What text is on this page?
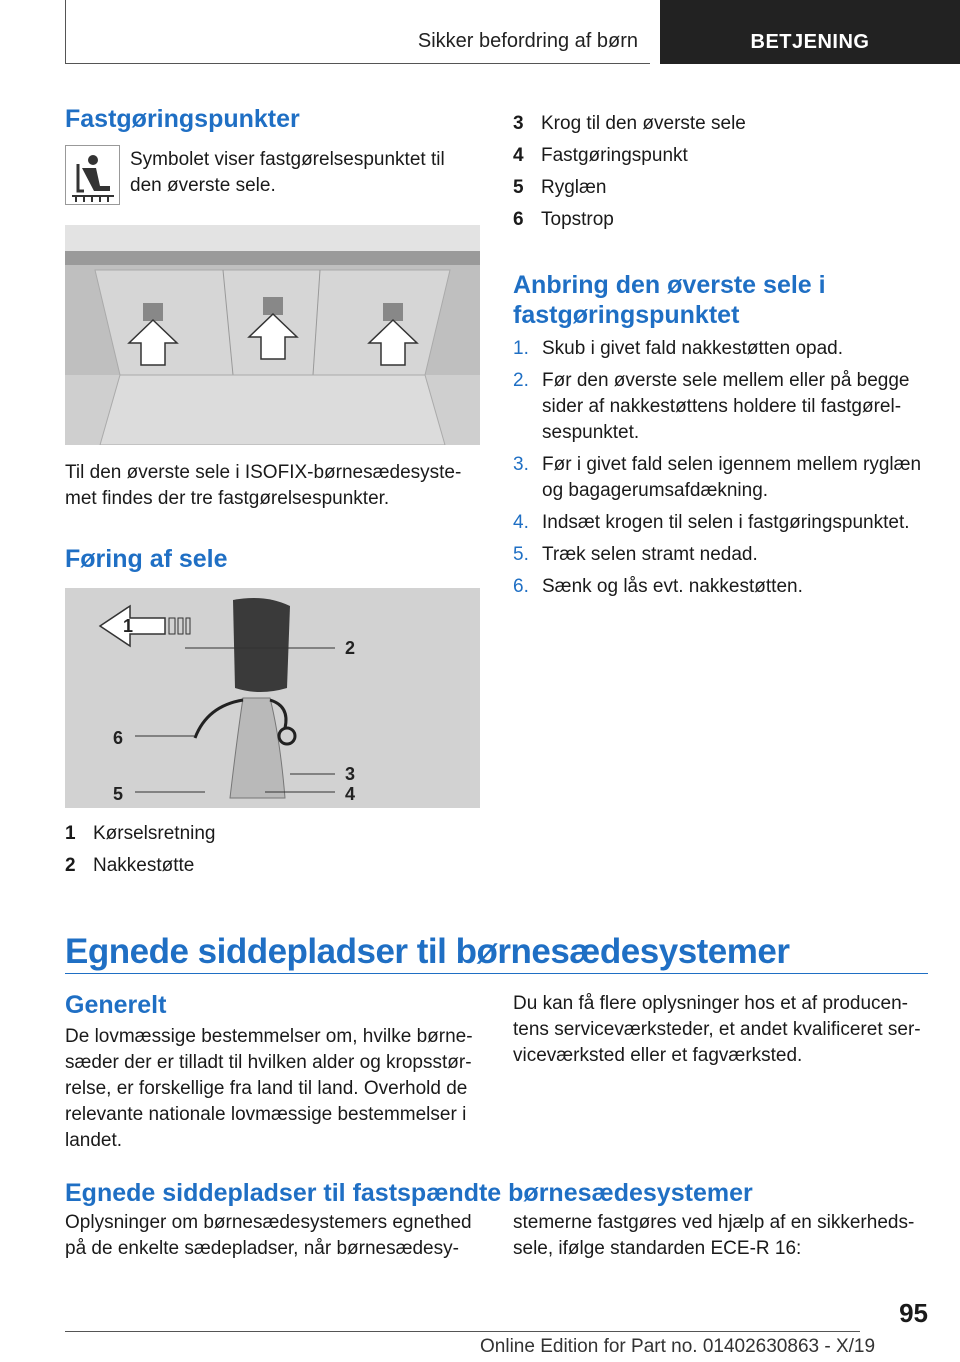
Sikker befordring af børn	BETJENING
Fastgøringspunkter
Symbolet viser fastgørelsespunktet til den øverste sele.
Til den øverste sele i ISOFIX-børnesædesyste-met findes der tre fastgørelsespunkter.
Føring af sele
1
2
6
3
5	4
1 Kørselsretning
2 Nakkestøtte
3 Krog til den øverste sele
4 Fastgøringspunkt
5 Ryglæn
6 Topstrop
Anbring den øverste sele i fastgøringspunktet
1. Skub i givet fald nakkestøtten opad.
2. Før den øverste sele mellem eller på begge sider af nakkestøttens holdere til fastgørel-sespunktet.
3. Før i givet fald selen igennem mellem ryglæn og bagagerumsafdækning.
4. Indsæt krogen til selen i fastgøringspunktet.
5. Træk selen stramt nedad.
6. Sænk og lås evt. nakkestøtten.
Egnede siddepladser til børnesædesystemer
Generelt
De lovmæssige bestemmelser om, hvilke børne-sæder der er tilladt til hvilken alder og kropsstør-relse, er forskellige fra land til land. Overhold de relevante nationale lovmæssige bestemmelser i landet.
Du kan få flere oplysninger hos et af producen-tens serviceværksteder, et andet kvalificeret ser-viceværksted eller et fagværksted.
Egnede siddepladser til fastspændte børnesædesystemer
Oplysninger om børnesædesystemers egnethed på de enkelte sædepladser, når børnesædesy-
stemerne fastgøres ved hjælp af en sikkerheds-sele, ifølge standarden ECE-R 16:
95
Online Edition for Part no. 01402630863 - X/19
